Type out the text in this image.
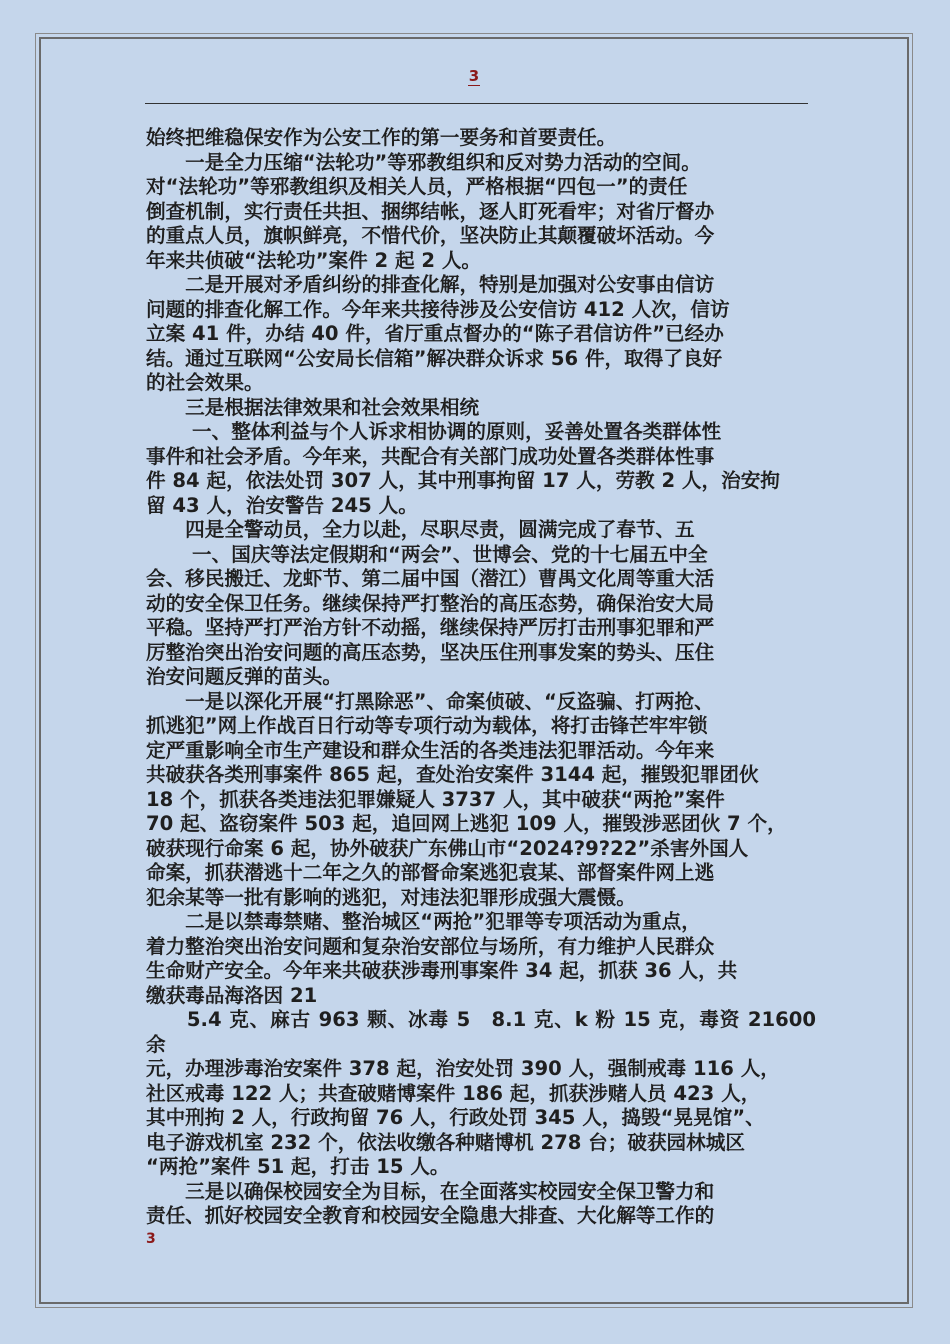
3

始终把维稳保安作为公安工作的第一要务和首要责任。

　　一是全力压缩“法轮功”等邪教组织和反对势力活动的空间。

对“法轮功”等邪教组织及相关人员，严格根据“四包一”的责任

倒查机制，实行责任共担、捆绑结帐，逐人盯死看牢；对省厅督办

的重点人员，旗帜鲜亮，不惜代价，坚决防止其颠覆破坏活动。今

年来共侦破“法轮功”案件 2 起 2 人。

　　二是开展对矛盾纠纷的排查化解，特别是加强对公安事由信访

问题的排查化解工作。今年来共接待涉及公安信访 412 人次，信访

立案 41 件，办结 40 件，省厅重点督办的“陈子君信访件”已经办

结。通过互联网“公安局长信箱”解决群众诉求 56 件，取得了良好

的社会效果。

　　三是根据法律效果和社会效果相统

　　 一、整体利益与个人诉求相协调的原则，妥善处置各类群体性

事件和社会矛盾。今年来，共配合有关部门成功处置各类群体性事

件 84 起，依法处罚 307 人，其中刑事拘留 17 人，劳教 2 人，治安拘

留 43 人，治安警告 245 人。

　　四是全警动员，全力以赴，尽职尽责，圆满完成了春节、五

　　 一、国庆等法定假期和“两会”、世博会、党的十七届五中全

会、移民搬迁、龙虾节、第二届中国（潜江）曹禺文化周等重大活

动的安全保卫任务。继续保持严打整治的高压态势，确保治安大局

平稳。坚持严打严治方针不动摇，继续保持严厉打击刑事犯罪和严

厉整治突出治安问题的高压态势，坚决压住刑事发案的势头、压住

治安问题反弹的苗头。

　　一是以深化开展“打黑除恶”、命案侦破、“反盗骗、打两抢、

抓逃犯”网上作战百日行动等专项行动为载体，将打击锋芒牢牢锁

定严重影响全市生产建设和群众生活的各类违法犯罪活动。今年来

共破获各类刑事案件 865 起，查处治安案件 3144 起，摧毁犯罪团伙

18 个，抓获各类违法犯罪嫌疑人 3737 人，其中破获“两抢”案件

70 起、盗窃案件 503 起，追回网上逃犯 109 人，摧毁涉恶团伙 7 个，

破获现行命案 6 起，协外破获广东佛山市“2024?9?22”杀害外国人

命案，抓获潜逃十二年之久的部督命案逃犯袁某、部督案件网上逃

犯余某等一批有影响的逃犯，对违法犯罪形成强大震慑。

　　二是以禁毒禁赌、整治城区“两抢”犯罪等专项活动为重点，

着力整治突出治安问题和复杂治安部位与场所，有力维护人民群众

生命财产安全。今年来共破获涉毒刑事案件 34 起，抓获 36 人，共

缴获毒品海洛因 21

　　5.4 克、麻古 963 颗、冰毒 5　8.1 克、k 粉 15 克，毒资 21600 余

元，办理涉毒治安案件 378 起，治安处罚 390 人，强制戒毒 116 人，

社区戒毒 122 人；共查破赌博案件 186 起，抓获涉赌人员 423 人，

其中刑拘 2 人，行政拘留 76 人，行政处罚 345 人，捣毁“晃晃馆”、

电子游戏机室 232 个，依法收缴各种赌博机 278 台；破获园林城区

“两抢”案件 51 起，打击 15 人。

　　三是以确保校园安全为目标，在全面落实校园安全保卫警力和

责任、抓好校园安全教育和校园安全隐患大排查、大化解等工作的

3
